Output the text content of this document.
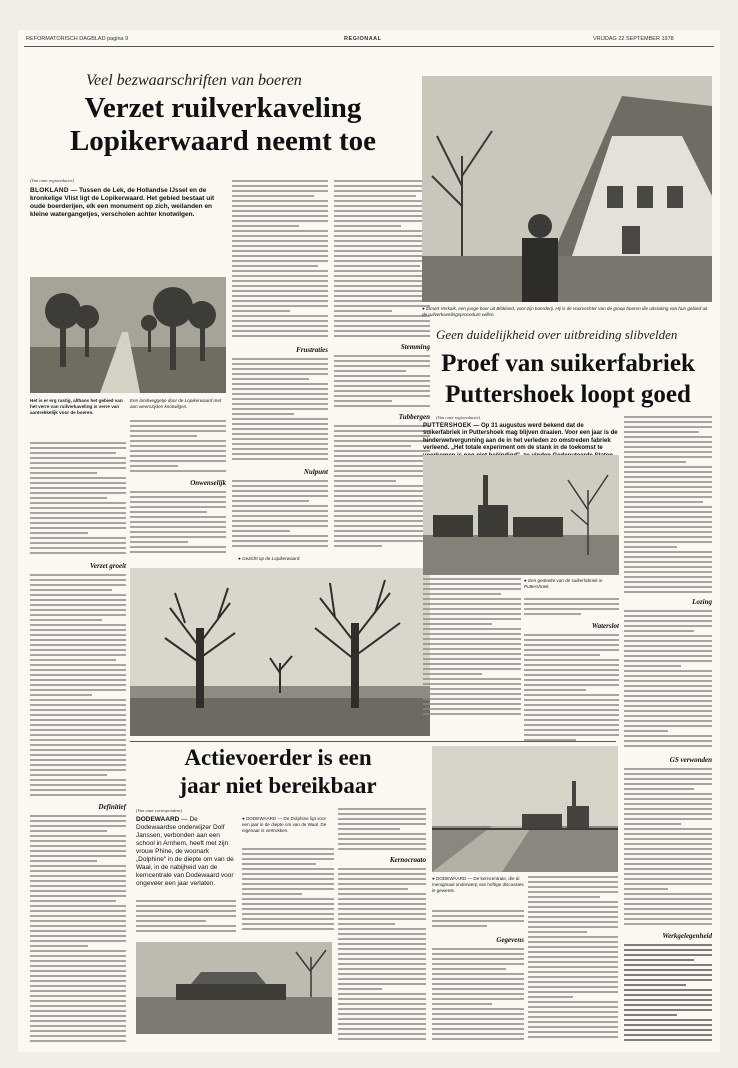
REFORMATORISCH DAGBLAD pagina 9	REGIONAAL	VRIJDAG 22 SEPTEMBER 1978
Veel bezwaarschriften van boeren
Verzet ruilverkaveling
Lopikerwaard neemt toe
(Van onze regioredactie)
BLOKLAND — Tussen de Lek, de Hollandse IJssel en de kronkelige Vlist ligt de Lopikerwaard. Het gebied bestaat uit oude boerderijen, elk een monument op zich, weilanden en kleine watergangetjes, verscholen achter knotwilgen.
Het is er erg rustig, althans het gebied van het verre van ruilverkaveling is verre van aantrekkelijk voor de boeren.
Een landweggetje door de Lopikerwaard met aan weerszijden knotwilgen.
Verzet groeit
Definitief
Onwenselijk
Frustraties
Nulpunt
● Gezicht op de Lopikerwaard.
Stemming
Tubbergen
● Eimert Verkaik, een jonge boer uit Blokland, voor zijn boerderij. Hij is de voorvechter van de groep boeren die uitsluiting van hun gebied uit de ruilverkavelingsprocedure willen.
Geen duidelijkheid over uitbreiding slibvelden
Proef van suikerfabriek
Puttershoek loopt goed
(Van onze regioredactie)
PUTTERSHOEK — Op 31 augustus werd bekend dat de suikerfabriek in Puttershoek mag blijven draaien. Voor een jaar is de hinderwetvergunning aan de in het verleden zo omstreden fabriek verleend. „Het totale experiment om de stank in de toekomst te
Lozing
GS verwonden
● Een gedeelte van de suikerfabriek in Puttershoek.
Waterslot
Actievoerder is een
jaar niet bereikbaar
(Van onze correspondent)
DODEWAARD — De Dodewaardse onderwijzer Dolf Janssen, verbonden aan een school in Arnhem, heeft met zijn vrouw Phine, de woonark „Dolphine" in de diepte om van de Waal, in de nabijheid van de kerncentrale van Dodewaard voor ongeveer een jaar verlaten.
● DODEWAARD — De Dolphine ligt voor een jaar in de diepte om van de Waal. De eigenaar is vertrokken.
Kernocraato
● DODEWAARD — De kerncentrale, die al menigmaal onderwerp van heftige discussies is geweest.
Gegevens	Werkgelegenheid
